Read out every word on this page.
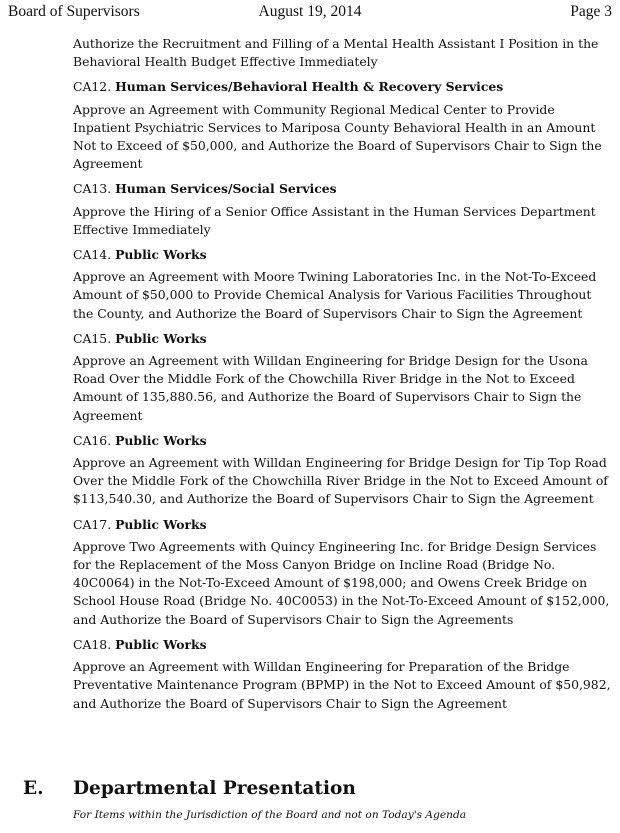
Board of Supervisors	August 19, 2014	Page 3

Authorize the Recruitment and Filling of a Mental Health Assistant I Position in the Behavioral Health Budget Effective Immediately

CA12. Human Services/Behavioral Health & Recovery Services

Approve an Agreement with Community Regional Medical Center to Provide Inpatient Psychiatric Services to Mariposa County Behavioral Health in an Amount Not to Exceed of $50,000, and Authorize the Board of Supervisors Chair to Sign the Agreement

CA13. Human Services/Social Services

Approve the Hiring of a Senior Office Assistant in the Human Services Department Effective Immediately

CA14. Public Works

Approve an Agreement with Moore Twining Laboratories Inc. in the Not-To-Exceed Amount of $50,000 to Provide Chemical Analysis for Various Facilities Throughout the County, and Authorize the Board of Supervisors Chair to Sign the Agreement

CA15. Public Works

Approve an Agreement with Willdan Engineering for Bridge Design for the Usona Road Over the Middle Fork of the Chowchilla River Bridge in the Not to Exceed Amount of 135,880.56, and Authorize the Board of Supervisors Chair to Sign the Agreement

CA16. Public Works

Approve an Agreement with Willdan Engineering for Bridge Design for Tip Top Road Over the Middle Fork of the Chowchilla River Bridge in the Not to Exceed Amount of $113,540.30, and Authorize the Board of Supervisors Chair to Sign the Agreement

CA17. Public Works

Approve Two Agreements with Quincy Engineering Inc. for Bridge Design Services for the Replacement of the Moss Canyon Bridge on Incline Road (Bridge No. 40C0064) in the Not-To-Exceed Amount of $198,000; and Owens Creek Bridge on School House Road (Bridge No. 40C0053) in the Not-To-Exceed Amount of $152,000, and Authorize the Board of Supervisors Chair to Sign the Agreements

CA18. Public Works

Approve an Agreement with Willdan Engineering for Preparation of the Bridge Preventative Maintenance Program (BPMP) in the Not to Exceed Amount of $50,982, and Authorize the Board of Supervisors Chair to Sign the Agreement

E. Departmental Presentation
For Items within the Jurisdiction of the Board and not on Today's Agenda
